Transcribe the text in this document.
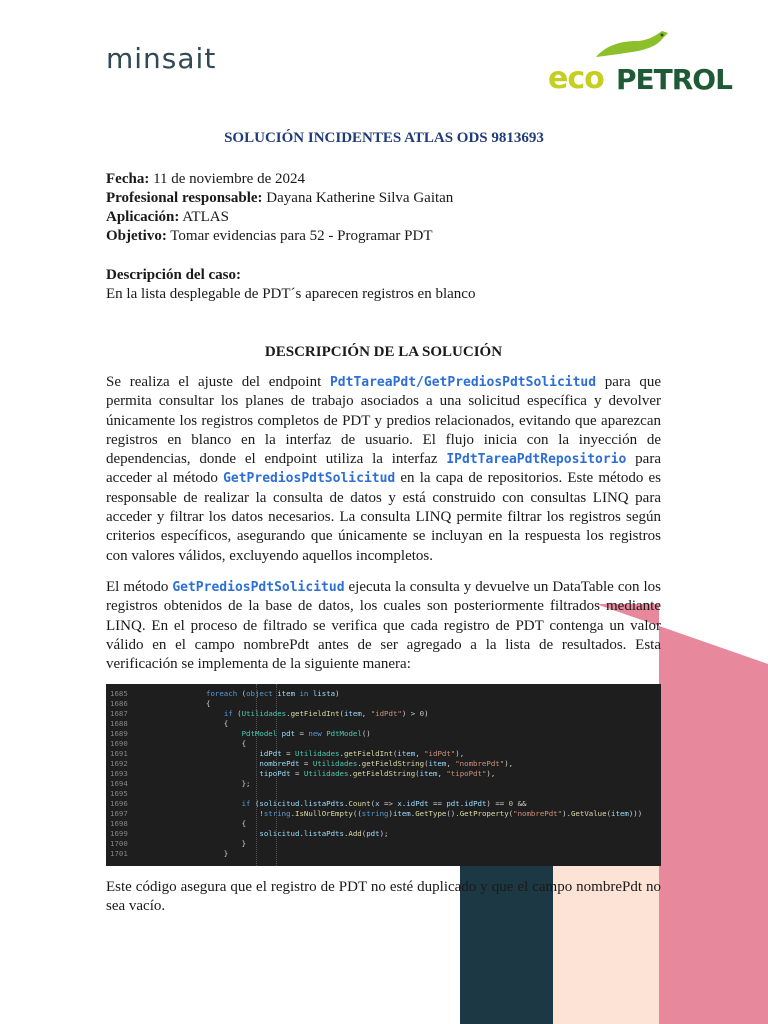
minsait
eco PETROL
SOLUCIÓN INCIDENTES ATLAS ODS 9813693
Fecha: 11 de noviembre de 2024
Profesional responsable: Dayana Katherine Silva Gaitan
Aplicación: ATLAS
Objetivo: Tomar evidencias para 52 - Programar PDT
Descripción del caso:
En la lista desplegable de PDT´s aparecen registros en blanco
DESCRIPCIÓN DE LA SOLUCIÓN
Se realiza el ajuste del endpoint PdtTareaPdt/GetPrediosPdtSolicitud para que permita consultar los planes de trabajo asociados a una solicitud específica y devolver únicamente los registros completos de PDT y predios relacionados, evitando que aparezcan registros en blanco en la interfaz de usuario. El flujo inicia con la inyección de dependencias, donde el endpoint utiliza la interfaz IPdtTareaPdtRepositorio para acceder al método GetPrediosPdtSolicitud en la capa de repositorios. Este método es responsable de realizar la consulta de datos y está construido con consultas LINQ para acceder y filtrar los datos necesarios. La consulta LINQ permite filtrar los registros según criterios específicos, asegurando que únicamente se incluyan en la respuesta los registros con valores válidos, excluyendo aquellos incompletos.
El método GetPrediosPdtSolicitud ejecuta la consulta y devuelve un DataTable con los registros obtenidos de la base de datos, los cuales son posteriormente filtrados mediante LINQ. En el proceso de filtrado se verifica que cada registro de PDT contenga un valor válido en el campo nombrePdt antes de ser agregado a la lista de resultados. Esta verificación se implementa de la siguiente manera:
1685	foreach (object item in lista)
1686	{
1687	if (Utilidades.getFieldInt(item, "idPdt") > 0)
1688	{
1689	PdtModel pdt = new PdtModel()
1690	{
1691	idPdt = Utilidades.getFieldInt(item, "idPdt"),
1692	nombrePdt = Utilidades.getFieldString(item, "nombrePdt"),
1693	tipoPdt = Utilidades.getFieldString(item, "tipoPdt"),
1694	};
1695
1696	if (solicitud.listaPdts.Count(x => x.idPdt == pdt.idPdt) == 0 &&
1697	!string.IsNullOrEmpty((string)item.GetType().GetProperty("nombrePdt").GetValue(item)))
1698	{
1699	solicitud.listaPdts.Add(pdt);
1700	}
1701	}
Este código asegura que el registro de PDT no esté duplicado y que el campo nombrePdt no sea vacío.
